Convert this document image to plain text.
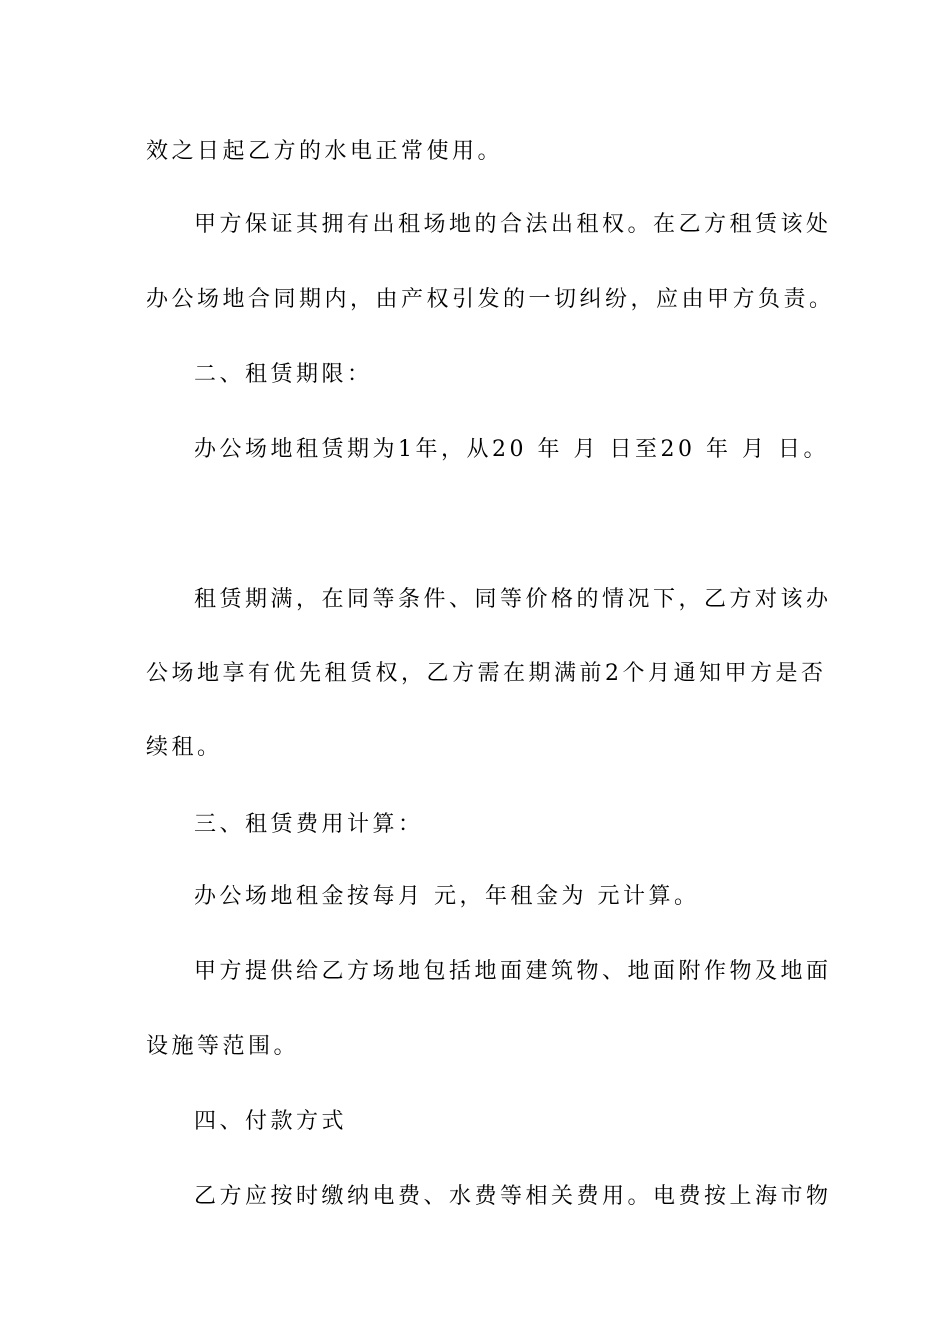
效之日起乙方的水电正常使用。
甲方保证其拥有出租场地的合法出租权。在乙方租赁该处
办公场地合同期内，由产权引发的一切纠纷，应由甲方负责。
二、租赁期限：
办公场地租赁期为1年，从20 年 月 日至20 年 月 日。
租赁期满，在同等条件、同等价格的情况下，乙方对该办
公场地享有优先租赁权，乙方需在期满前2个月通知甲方是否
续租。
三、租赁费用计算：
办公场地租金按每月 元，年租金为 元计算。
甲方提供给乙方场地包括地面建筑物、地面附作物及地面
设施等范围。
四、付款方式
乙方应按时缴纳电费、水费等相关费用。电费按上海市物
